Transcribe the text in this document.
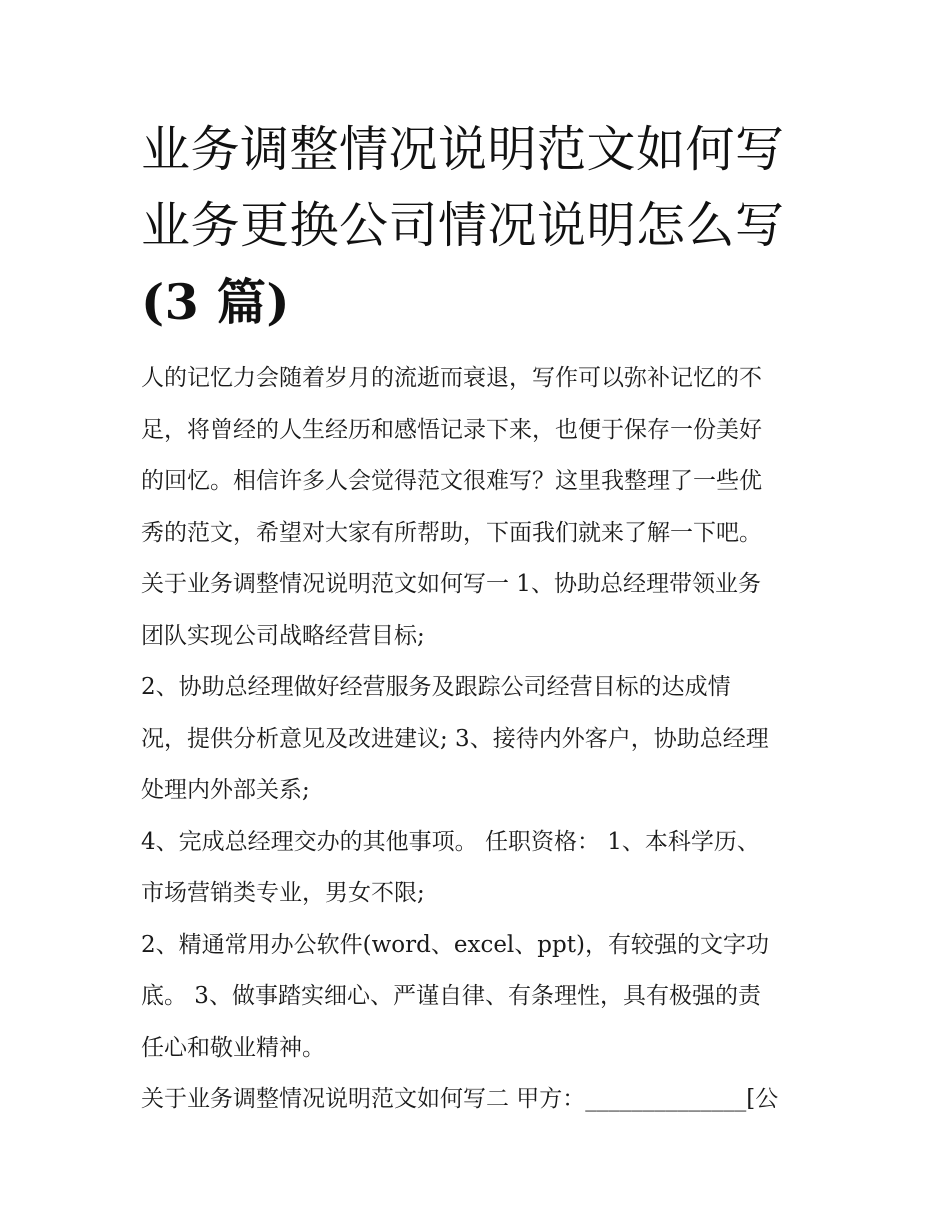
业务调整情况说明范文如何写
业务更换公司情况说明怎么写
(3 篇)
人的记忆力会随着岁月的流逝而衰退，写作可以弥补记忆的不
足，将曾经的人生经历和感悟记录下来，也便于保存一份美好
的回忆。相信许多人会觉得范文很难写？这里我整理了一些优
秀的范文，希望对大家有所帮助，下面我们就来了解一下吧。
关于业务调整情况说明范文如何写一 1、协助总经理带领业务
团队实现公司战略经营目标;
2、协助总经理做好经营服务及跟踪公司经营目标的达成情
况，提供分析意见及改进建议; 3、接待内外客户，协助总经理
处理内外部关系;
4、完成总经理交办的其他事项。 任职资格： 1、本科学历、
市场营销类专业，男女不限;
2、精通常用办公软件(word、excel、ppt)，有较强的文字功
底。 3、做事踏实细心、严谨自律、有条理性，具有极强的责
任心和敬业精神。
关于业务调整情况说明范文如何写二 甲方：______________[公
